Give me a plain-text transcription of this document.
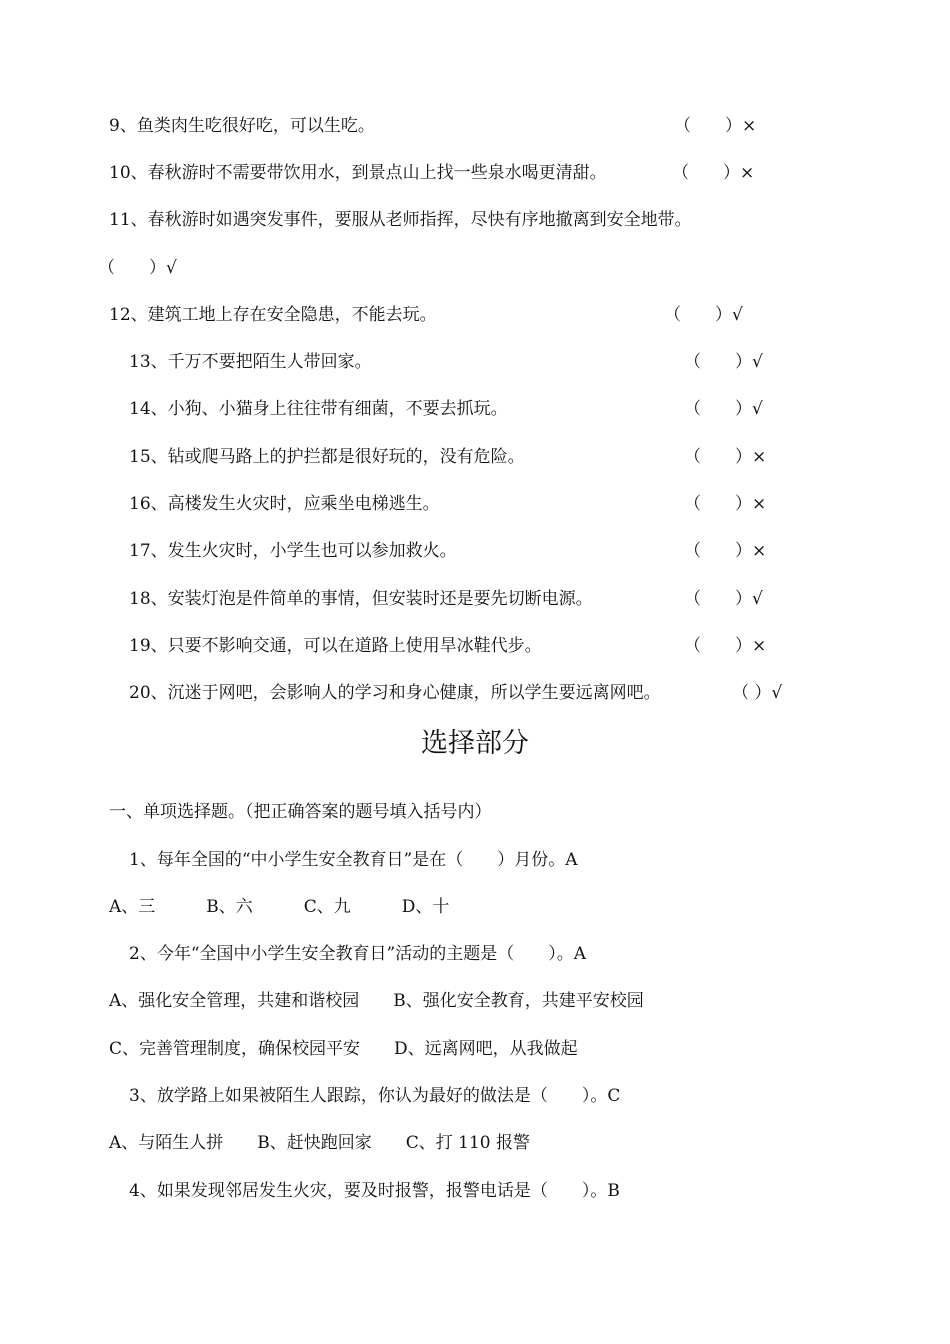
9、鱼类肉生吃很好吃，可以生吃。	（　　）×
10、春秋游时不需要带饮用水，到景点山上找一些泉水喝更清甜。	（　　）×
11、春秋游时如遇突发事件，要服从老师指挥，尽快有序地撤离到安全地带。
（　　）√
12、建筑工地上存在安全隐患，不能去玩。	（　　）√
13、千万不要把陌生人带回家。	（　　）√
14、小狗、小猫身上往往带有细菌，不要去抓玩。	（　　）√
15、钻或爬马路上的护拦都是很好玩的，没有危险。	（　　）×
16、高楼发生火灾时，应乘坐电梯逃生。	（　　）×
17、发生火灾时，小学生也可以参加救火。	（　　）×
18、安装灯泡是件简单的事情，但安装时还是要先切断电源。	（　　）√
19、只要不影响交通，可以在道路上使用旱冰鞋代步。	（　　）×
20、沉迷于网吧，会影响人的学习和身心健康，所以学生要远离网吧。	（ ）√
选择部分
一、单项选择题。（把正确答案的题号填入括号内）
1、每年全国的“中小学生安全教育日”是在（　　）月份。A
A、三　　　B、六　　　C、九　　　D、十
2、今年“全国中小学生安全教育日”活动的主题是（　　）。A
A、强化安全管理，共建和谐校园　　B、强化安全教育，共建平安校园
C、完善管理制度，确保校园平安　　D、远离网吧，从我做起
3、放学路上如果被陌生人跟踪，你认为最好的做法是（　　）。C
A、与陌生人拼　　B、赶快跑回家　　C、打 110 报警
4、如果发现邻居发生火灾，要及时报警，报警电话是（　　）。B
